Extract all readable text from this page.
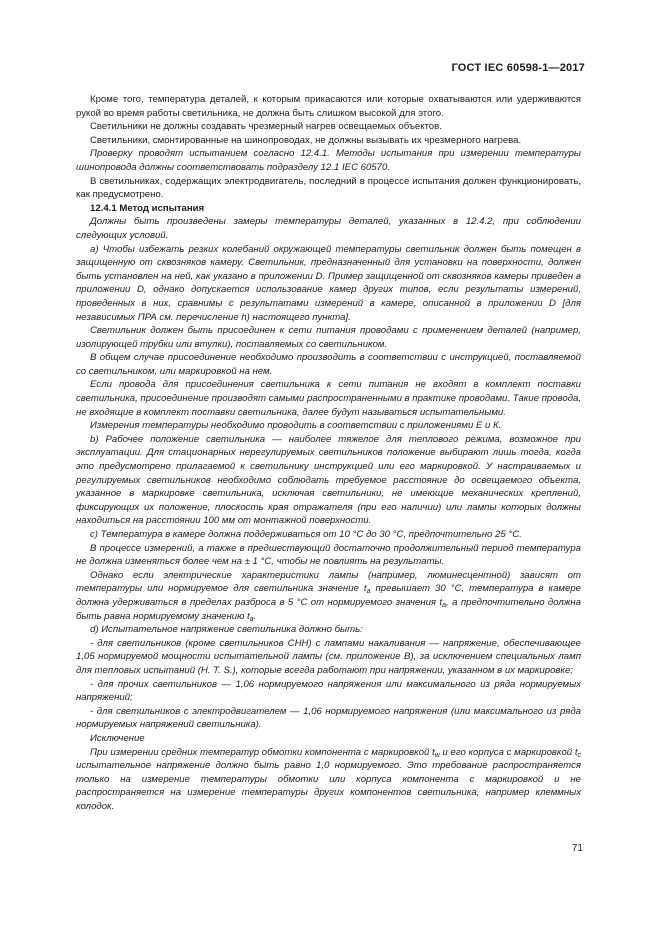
ГОСТ IEC 60598-1—2017

Кроме того, температура деталей, к которым прикасаются или которые охватываются или удерживаются рукой во время работы светильника, не должна быть слишком высокой для этого.

Светильники не должны создавать чрезмерный нагрев освещаемых объектов.

Светильники, смонтированные на шинопроводах, не должны вызывать их чрезмерного нагрева.

Проверку проводят испытанием согласно 12.4.1. Методы испытания при измерении температуры шинопровода должны соответствовать подразделу 12.1 IEC 60570.

В светильниках, содержащих электродвигатель, последний в процессе испытания должен функционировать, как предусмотрено.

12.4.1 Метод испытания

Должны быть произведены замеры температуры деталей, указанных в 12.4.2, при соблюдении следующих условий.

a) Чтобы избежать резких колебаний окружающей температуры светильник должен быть помещен в защищенную от сквозняков камеру. Светильник, предназначенный для установки на поверхности, должен быть установлен на ней, как указано в приложении D. Пример защищенной от сквозняков камеры приведен в приложении D, однако допускается использование камер других типов, если результаты измерений, проведенных в них, сравнимы с результатами измерений в камере, описанной в приложении D [для независимых ПРА см. перечисление h) настоящего пункта].

Светильник должен быть присоединен к сети питания проводами с применением деталей (например, изолирующей трубки или втулки), поставляемых со светильником.

В общем случае присоединение необходимо производить в соответствии с инструкцией, поставляемой со светильником, или маркировкой на нем.

Если провода для присоединения светильника к сети питания не входят в комплект поставки светильника, присоединение производят самыми распространенными в практике проводами. Такие провода, не входящие в комплект поставки светильника, далее будут называться испытательными.

Измерения температуры необходимо проводить в соответствии с приложениями Е и К.

b) Рабочее положение светильника — наиболее тяжелое для теплового режима, возможное при эксплуатации. Для стационарных нерегулируемых светильников положение выбирают лишь тогда, когда это предусмотрено прилагаемой к светильнику инструкцией или его маркировкой. У настраиваемых и регулируемых светильников необходимо соблюдать требуемое расстояние до освещаемого объекта, указанное в маркировке светильника, исключая светильники, не имеющие механических креплений, фиксирующих их положение, плоскость края отражателя (при его наличии) или лампы которых должны находиться на расстоянии 100 мм от монтажной поверхности.

c) Температура в камере должна поддерживаться от 10 °С до 30 °С, предпочтительно 25 °С.

В процессе измерений, а также в предшествующий достаточно продолжительный период температура не должна изменяться более чем на ± 1 °С, чтобы не повлиять на результаты.

Однако если электрические характеристики лампы (например, люминесцентной) зависят от температуры или нормируемое для светильника значение $t_a$ превышает 30 °С, температура в камере должна удерживаться в пределах разброса в 5 °С от нормируемого значения $t_a$, а предпочтительно должна быть равна нормируемому значению $t_a$.

d) Испытательное напряжение светильника должно быть:

- для светильников (кроме светильников СНН) с лампами накаливания — напряжение, обеспечивающее 1,05 нормируемой мощности испытательной лампы (см. приложение В), за исключением специальных ламп для тепловых испытаний (Н. Т. S.), которые всегда работают при напряжении, указанном в их маркировке;

- для прочих светильников — 1,06 нормируемого напряжения или максимального из ряда нормируемых напряжений;

- для светильников с электродвигателем — 1,06 нормируемого напряжения (или максимального из ряда нормируемых напряжений светильника).

Исключение

При измерении средних температур обмотки компонента с маркировкой $t_w$ и его корпуса с маркировкой $t_c$ испытательное напряжение должно быть равно 1,0 нормируемого. Это требование распространяется только на измерение температуры обмотки или корпуса компонента с маркировкой и не распространяется на измерение температуры других компонентов светильника, например клеммных колодок.

71
